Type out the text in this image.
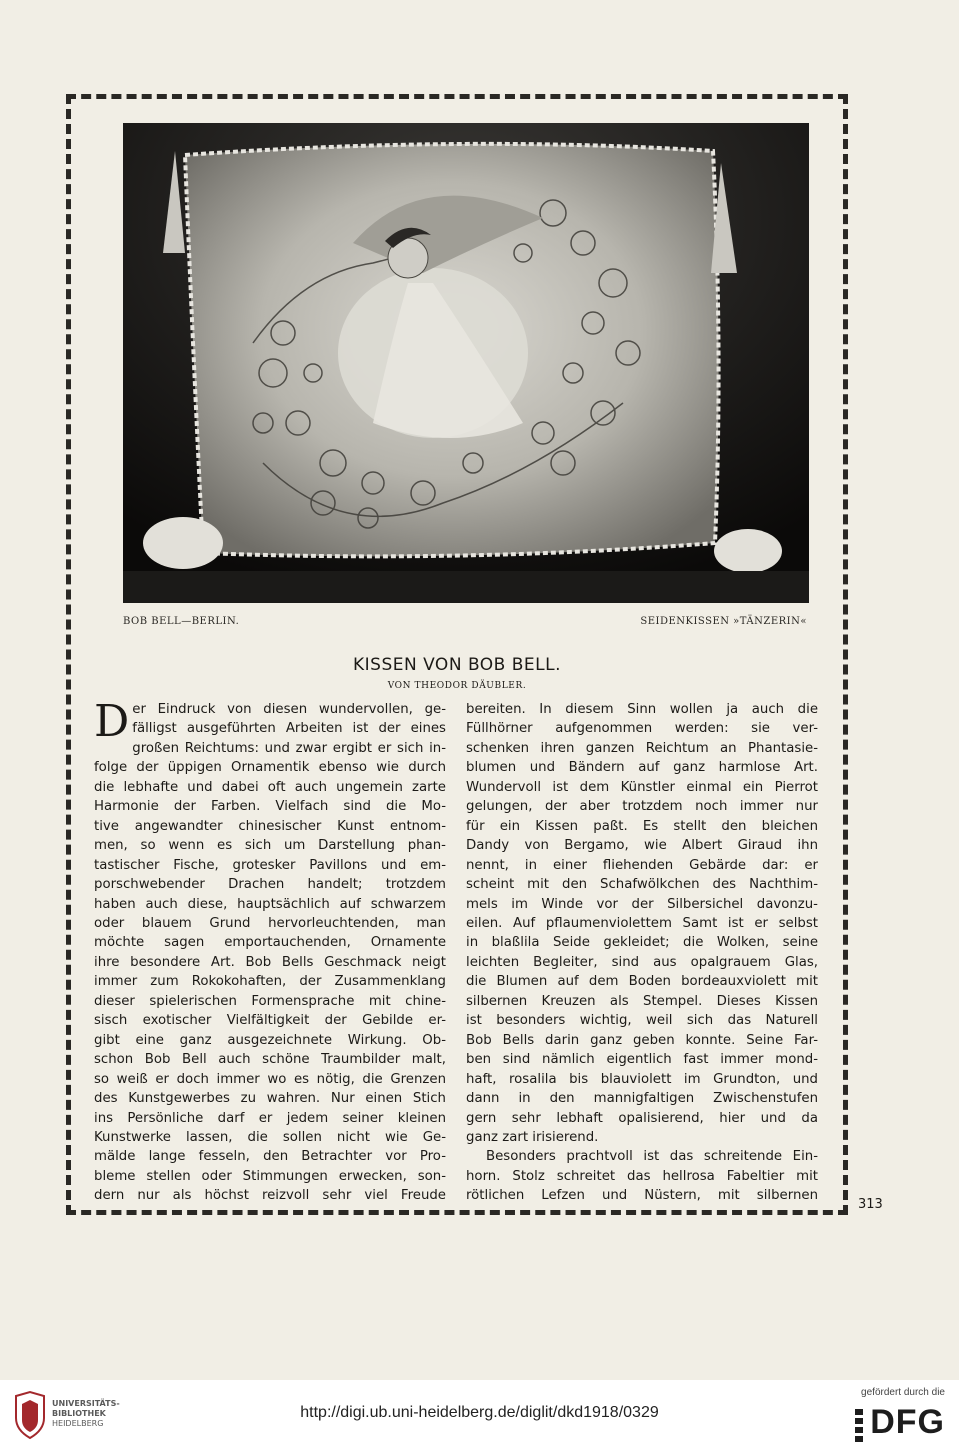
BOB BELL—BERLIN.	SEIDENKISSEN »TÄNZERIN«
KISSEN VON BOB BELL.
VON THEODOR DÄUBLER.
D er Eindruck von diesen wundervollen, ge-

fälligst ausgeführten Arbeiten ist der eines

großen Reichtums: und zwar ergibt er sich in-

folge der üppigen Ornamentik ebenso wie durch

die lebhafte und dabei oft auch ungemein zarte

Harmonie der Farben. Vielfach sind die Mo-

tive angewandter chinesischer Kunst entnom-

men, so wenn es sich um Darstellung phan-

tastischer Fische, grotesker Pavillons und em-

porschwebender Drachen handelt; trotzdem

haben auch diese, hauptsächlich auf schwarzem

oder blauem Grund hervorleuchtenden, man

möchte sagen emportauchenden, Ornamente

ihre besondere Art. Bob Bells Geschmack neigt

immer zum Rokokohaften, der Zusammenklang

dieser spielerischen Formensprache mit chine-

sisch exotischer Vielfältigkeit der Gebilde er-

gibt eine ganz ausgezeichnete Wirkung. Ob-

schon Bob Bell auch schöne Traumbilder malt,

so weiß er doch immer wo es nötig, die Grenzen

des Kunstgewerbes zu wahren. Nur einen Stich

ins Persönliche darf er jedem seiner kleinen

Kunstwerke lassen, die sollen nicht wie Ge-

mälde lange fesseln, den Betrachter vor Pro-

bleme stellen oder Stimmungen erwecken, son-

dern nur als höchst reizvoll sehr viel Freude

bereiten. In diesem Sinn wollen ja auch die

Füllhörner aufgenommen werden: sie ver-

schenken ihren ganzen Reichtum an Phantasie-

blumen und Bändern auf ganz harmlose Art.

Wundervoll ist dem Künstler einmal ein Pierrot

gelungen, der aber trotzdem noch immer nur

für ein Kissen paßt. Es stellt den bleichen

Dandy von Bergamo, wie Albert Giraud ihn

nennt, in einer fliehenden Gebärde dar: er

scheint mit den Schafwölkchen des Nachthim-

mels im Winde vor der Silbersichel davonzu-

eilen. Auf pflaumenviolettem Samt ist er selbst

in blaßlila Seide gekleidet; die Wolken, seine

leichten Begleiter, sind aus opalgrauem Glas,

die Blumen auf dem Boden bordeauxviolett mit

silbernen Kreuzen als Stempel. Dieses Kissen

ist besonders wichtig, weil sich das Naturell

Bob Bells darin ganz geben konnte. Seine Far-

ben sind nämlich eigentlich fast immer mond-

haft, rosalila bis blauviolett im Grundton, und

dann in den mannigfaltigen Zwischenstufen

gern sehr lebhaft opalisierend, hier und da

ganz zart irisierend.

Besonders prachtvoll ist das schreitende Ein-

horn. Stolz schreitet das hellrosa Fabeltier mit

rötlichen Lefzen und Nüstern, mit silbernen

313
UNIVERSITÄTS-
BIBLIOTHEK
HEIDELBERG
http://digi.ub.uni-heidelberg.de/diglit/dkd1918/0329
gefördert durch die
DFG
